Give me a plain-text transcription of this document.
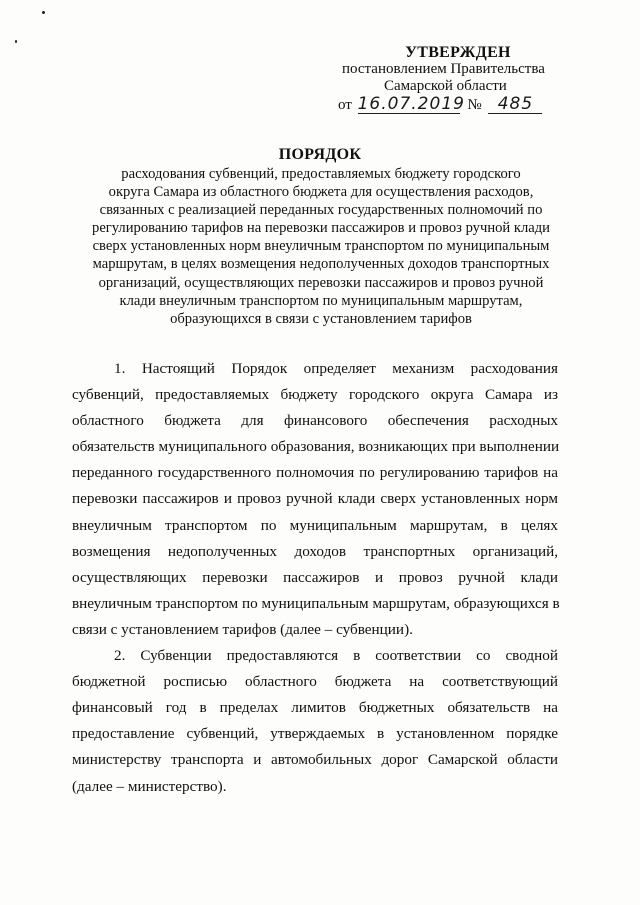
УТВЕРЖДЕН
постановлением Правительства
Самарской области
от 16.07.2019 № 485
ПОРЯДОК
расходования субвенций, предоставляемых бюджету городского
округа Самара из областного бюджета для осуществления расходов,
связанных с реализацией переданных государственных полномочий по
регулированию тарифов на перевозки пассажиров и провоз ручной клади
сверх установленных норм внеуличным транспортом по муниципальным
маршрутам, в целях возмещения недополученных доходов транспортных
организаций, осуществляющих перевозки пассажиров и провоз ручной
клади внеуличным транспортом по муниципальным маршрутам,
образующихся в связи с установлением тарифов
1. Настоящий Порядок определяет механизм расходования
субвенций, предоставляемых бюджету городского округа Самара из
областного бюджета для финансового обеспечения расходных
обязательств муниципального образования, возникающих при выполнении
переданного государственного полномочия по регулированию тарифов на
перевозки пассажиров и провоз ручной клади сверх установленных норм
внеуличным транспортом по муниципальным маршрутам, в целях
возмещения недополученных доходов транспортных организаций,
осуществляющих перевозки пассажиров и провоз ручной клади
внеуличным транспортом по муниципальным маршрутам, образующихся в
связи с установлением тарифов (далее – субвенции).
2. Субвенции предоставляются в соответствии со сводной
бюджетной росписью областного бюджета на соответствующий
финансовый год в пределах лимитов бюджетных обязательств на
предоставление субвенций, утверждаемых в установленном порядке
министерству транспорта и автомобильных дорог Самарской области
(далее – министерство).
